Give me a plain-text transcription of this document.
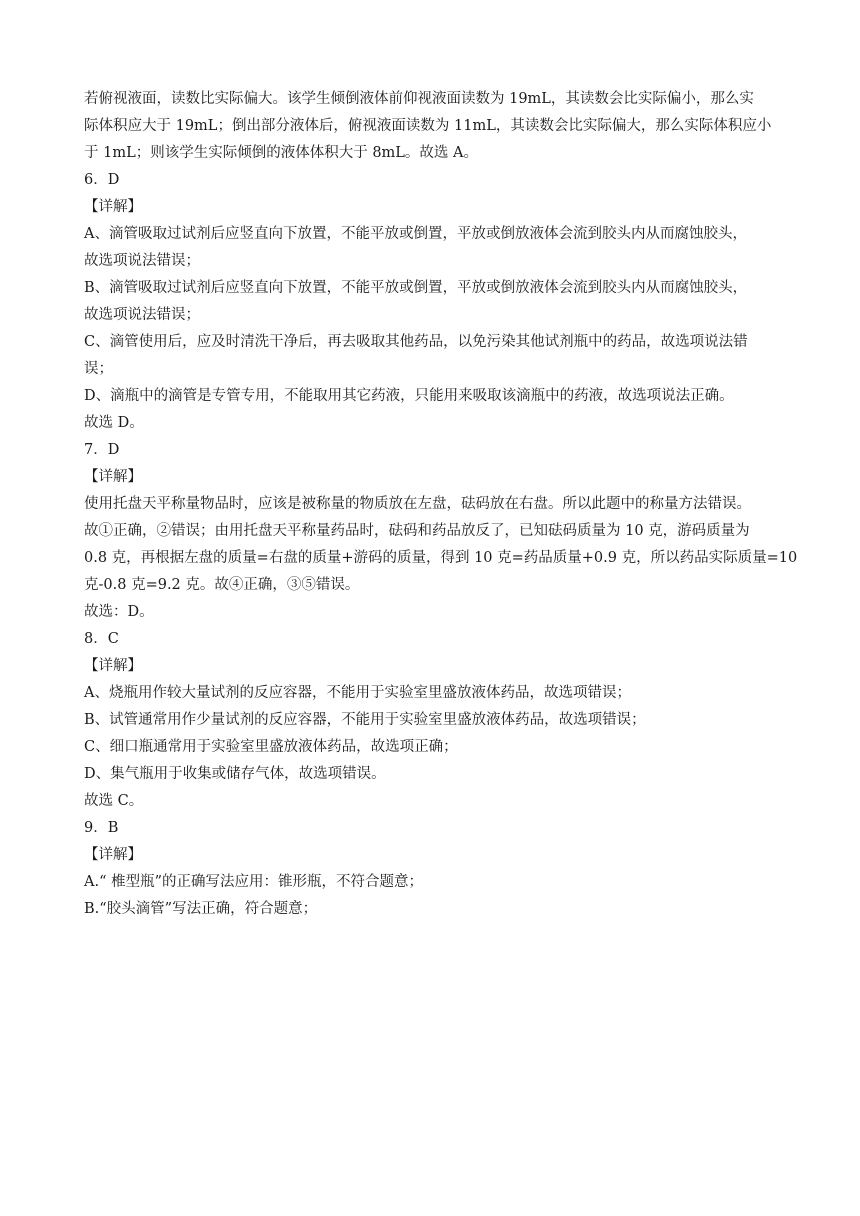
若俯视液面，读数比实际偏大。该学生倾倒液体前仰视液面读数为 19mL，其读数会比实际偏小，那么实
际体积应大于 19mL；倒出部分液体后，俯视液面读数为 11mL，其读数会比实际偏大，那么实际体积应小
于 1mL；则该学生实际倾倒的液体体积大于 8mL。故选 A。
6．D
【详解】
A、滴管吸取过试剂后应竖直向下放置，不能平放或倒置，平放或倒放液体会流到胶头内从而腐蚀胶头，
故选项说法错误；
B、滴管吸取过试剂后应竖直向下放置，不能平放或倒置，平放或倒放液体会流到胶头内从而腐蚀胶头，
故选项说法错误；
C、滴管使用后，应及时清洗干净后，再去吸取其他药品，以免污染其他试剂瓶中的药品，故选项说法错
误；
D、滴瓶中的滴管是专管专用，不能取用其它药液，只能用来吸取该滴瓶中的药液，故选项说法正确。
故选 D。
7．D
【详解】
使用托盘天平称量物品时，应该是被称量的物质放在左盘，砝码放在右盘。所以此题中的称量方法错误。
故①正确，②错误；由用托盘天平称量药品时，砝码和药品放反了，已知砝码质量为 10 克，游码质量为
0.8 克，再根据左盘的质量=右盘的质量+游码的质量，得到 10 克=药品质量+0.9 克，所以药品实际质量=10
克-0.8 克=9.2 克。故④正确，③⑤错误。
故选：D。
8．C
【详解】
A、烧瓶用作较大量试剂的反应容器，不能用于实验室里盛放液体药品，故选项错误；
B、试管通常用作少量试剂的反应容器，不能用于实验室里盛放液体药品，故选项错误；
C、细口瓶通常用于实验室里盛放液体药品，故选项正确；
D、集气瓶用于收集或储存气体，故选项错误。
故选 C。
9．B
【详解】
A.“ 椎型瓶”的正确写法应用：锥形瓶，不符合题意；
B.“胶头滴管”写法正确，符合题意；
